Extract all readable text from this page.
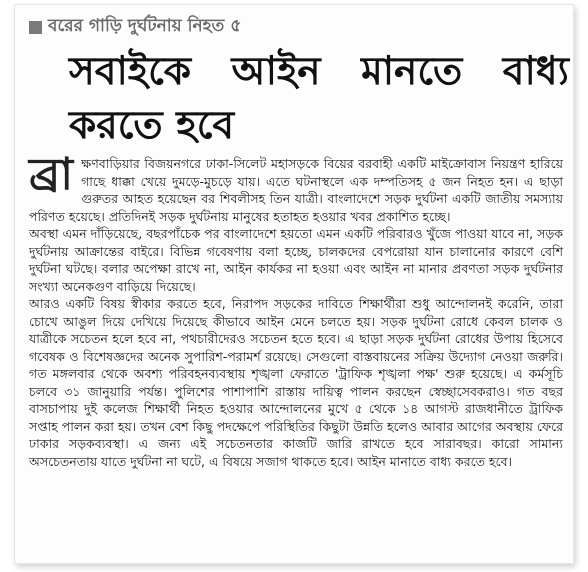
বরের গাড়ি দুর্ঘটনায় নিহত ৫
সবাইকে আইন মানতে বাধ্য
করতে হবে

ব্রা ক্ষণবাড়িয়ার বিজয়নগরে ঢাকা-সিলেট মহাসড়কে বিয়ের বরবাহী একটি মাইক্রোবাস নিয়ন্ত্রণ হারিয়ে গাছে ধাক্কা খেয়ে দুমড়ে-মুচড়ে যায়। এতে ঘটনাস্থলে এক দম্পতিসহ ৫ জন নিহত হন। এ ছাড়া গুরুতর আহত হয়েছেন বর শিবলীসহ তিন যাত্রী। বাংলাদেশে সড়ক দুর্ঘটনা একটি জাতীয় সমস্যায় পরিণত হয়েছে। প্রতিদিনই সড়ক দুর্ঘটনায় মানুষের হতাহত হওয়ার খবর প্রকাশিত হচ্ছে।

অবস্থা এমন দাঁড়িয়েছে, বছরপাঁচেক পর বাংলাদেশে হয়তো এমন একটি পরিবারও খুঁজে পাওয়া যাবে না, সড়ক দুর্ঘটনায় আক্রান্তের বাইরে। বিভিন্ন গবেষণায় বলা হচ্ছে, চালকদের বেপরোয়া যান চালানোর কারণে বেশি দুর্ঘটনা ঘটছে। বলার অপেক্ষা রাখে না, আইন কার্যকর না হওয়া এবং আইন না মানার প্রবণতা সড়ক দুর্ঘটনার সংখ্যা অনেকগুণ বাড়িয়ে দিয়েছে।

আরও একটি বিষয় স্বীকার করতে হবে, নিরাপদ সড়কের দাবিতে শিক্ষার্থীরা শুধু আন্দোলনই করেনি, তারা চোখে আঙুল দিয়ে দেখিয়ে দিয়েছে কীভাবে আইন মেনে চলতে হয়। সড়ক দুর্ঘটনা রোধে কেবল চালক ও যাত্রীকে সচেতন হলে হবে না, পথচারীদেরও সচেতন হতে হবে। এ ছাড়া সড়ক দুর্ঘটনা রোধের উপায় হিসেবে গবেষক ও বিশেষজ্ঞদের অনেক সুপারিশ-পরামর্শ রয়েছে। সেগুলো বাস্তবায়নের সক্রিয় উদ্যোগ নেওয়া জরুরি। গত মঙ্গলবার থেকে অবশ্য পরিবহনব্যবস্থায় শৃঙ্খলা ফেরাতে 'ট্রাফিক শৃঙ্খলা পক্ষ' শুরু হয়েছে। এ কর্মসূচি চলবে ৩১ জানুয়ারি পর্যন্ত। পুলিশের পাশাপাশি রাস্তায় দায়িত্ব পালন করছেন স্বেচ্ছাসেবকরাও। গত বছর বাসচাপায় দুই কলেজ শিক্ষার্থী নিহত হওয়ার আন্দোলনের মুখে ৫ থেকে ১৪ আগস্ট রাজধানীতে ট্রাফিক সপ্তাহ পালন করা হয়। তখন বেশ কিছু পদক্ষেপে পরিস্থিতির কিছুটা উন্নতি হলেও আবার আগের অবস্থায় ফেরে ঢাকার সড়কব্যবস্থা। এ জন্য এই সচেতনতার কাজটি জারি রাখতে হবে সারাবছর। কারো সামান্য অসচেতনতায় যাতে দুর্ঘটনা না ঘটে, এ বিষয়ে সজাগ থাকতে হবে। আইন মানাতে বাধ্য করতে হবে।
